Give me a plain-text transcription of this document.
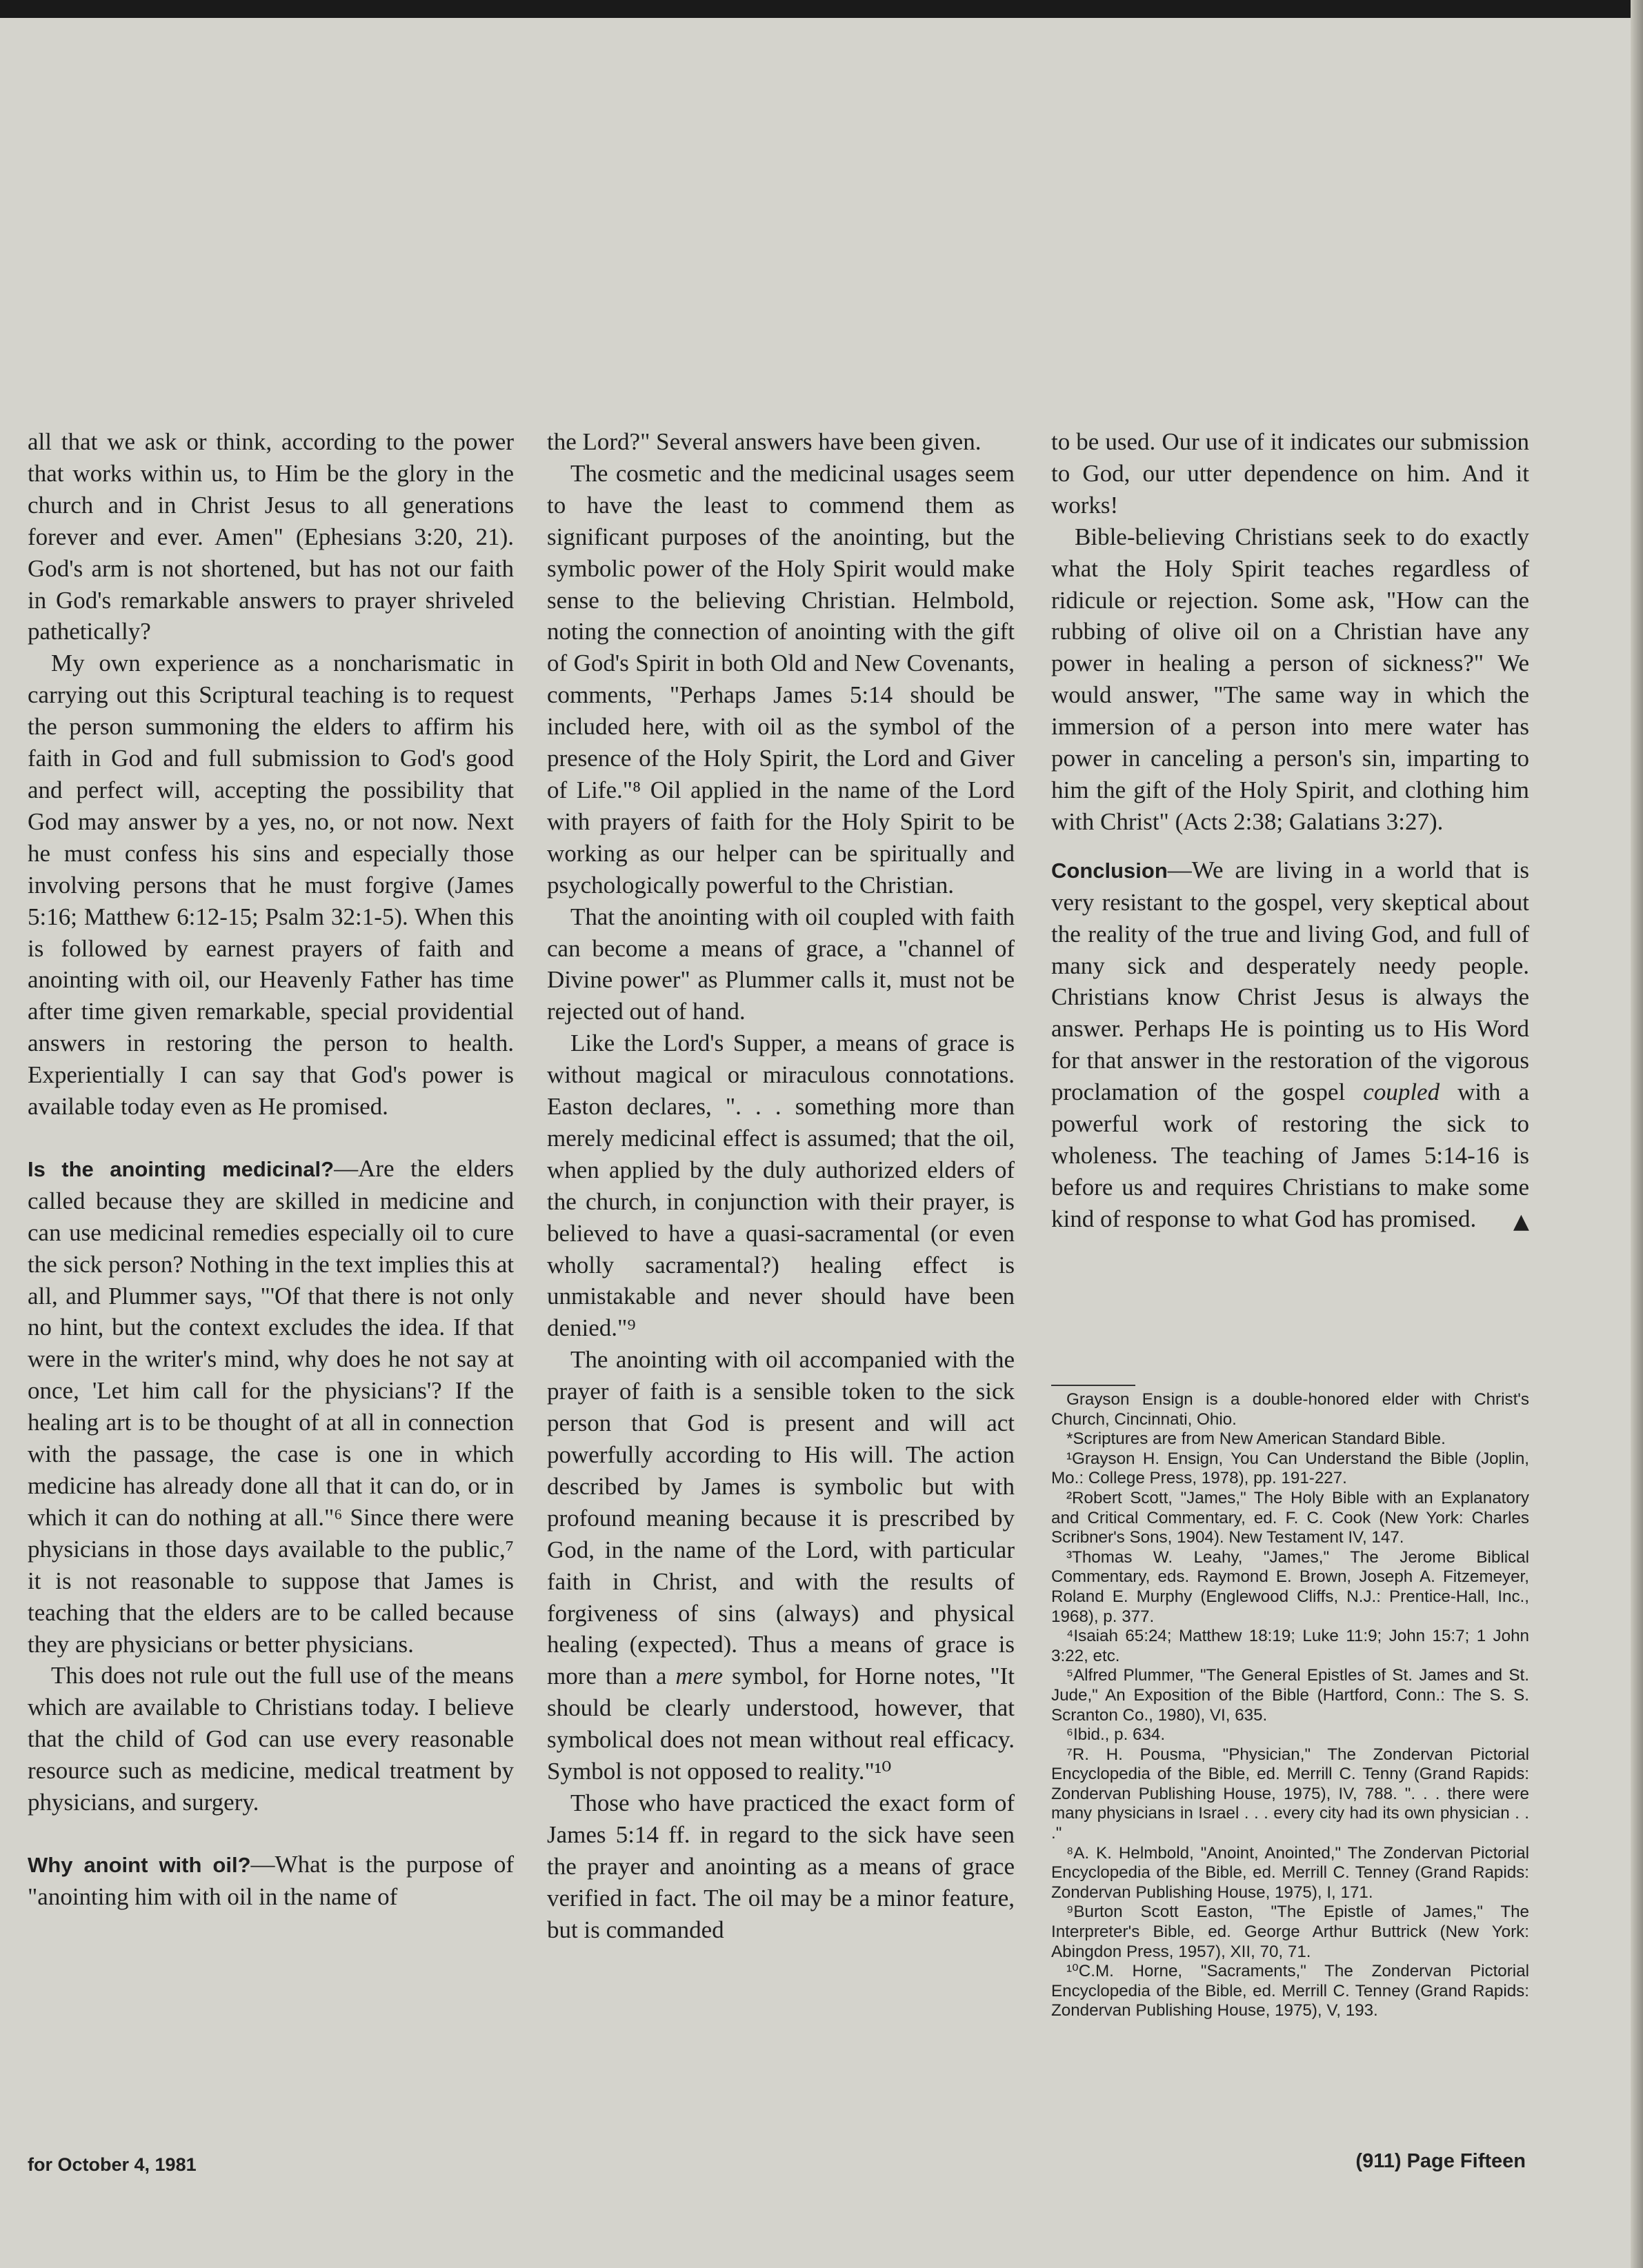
all that we ask or think, according to the power that works within us, to Him be the glory in the church and in Christ Jesus to all generations forever and ever. Amen" (Ephesians 3:20, 21). God's arm is not shortened, but has not our faith in God's remarkable answers to prayer shriveled pathetically?

My own experience as a noncharismatic in carrying out this Scriptural teaching is to request the person summoning the elders to affirm his faith in God and full submission to God's good and perfect will, accepting the possibility that God may answer by a yes, no, or not now. Next he must confess his sins and especially those involving persons that he must forgive (James 5:16; Matthew 6:12-15; Psalm 32:1-5). When this is followed by earnest prayers of faith and anointing with oil, our Heavenly Father has time after time given remarkable, special providential answers in restoring the person to health. Experientially I can say that God's power is available today even as He promised.

Is the anointing medicinal?—Are the elders called because they are skilled in medicine and can use medicinal remedies especially oil to cure the sick person? Nothing in the text implies this at all, and Plummer says, "'Of that there is not only no hint, but the context excludes the idea. If that were in the writer's mind, why does he not say at once, 'Let him call for the physicians'? If the healing art is to be thought of at all in connection with the passage, the case is one in which medicine has already done all that it can do, or in which it can do nothing at all."⁶ Since there were physicians in those days available to the public,⁷ it is not reasonable to suppose that James is teaching that the elders are to be called because they are physicians or better physicians.

This does not rule out the full use of the means which are available to Christians today. I believe that the child of God can use every reasonable resource such as medicine, medical treatment by physicians, and surgery.

Why anoint with oil?—What is the purpose of "anointing him with oil in the name of

the Lord?" Several answers have been given.

The cosmetic and the medicinal usages seem to have the least to commend them as significant purposes of the anointing, but the symbolic power of the Holy Spirit would make sense to the believing Christian. Helmbold, noting the connection of anointing with the gift of God's Spirit in both Old and New Covenants, comments, "Perhaps James 5:14 should be included here, with oil as the symbol of the presence of the Holy Spirit, the Lord and Giver of Life."⁸ Oil applied in the name of the Lord with prayers of faith for the Holy Spirit to be working as our helper can be spiritually and psychologically powerful to the Christian.

That the anointing with oil coupled with faith can become a means of grace, a "channel of Divine power" as Plummer calls it, must not be rejected out of hand.

Like the Lord's Supper, a means of grace is without magical or miraculous connotations. Easton declares, ". . . something more than merely medicinal effect is assumed; that the oil, when applied by the duly authorized elders of the church, in conjunction with their prayer, is believed to have a quasi-sacramental (or even wholly sacramental?) healing effect is unmistakable and never should have been denied."⁹

The anointing with oil accompanied with the prayer of faith is a sensible token to the sick person that God is present and will act powerfully according to His will. The action described by James is symbolic but with profound meaning because it is prescribed by God, in the name of the Lord, with particular faith in Christ, and with the results of forgiveness of sins (always) and physical healing (expected). Thus a means of grace is more than a mere symbol, for Horne notes, "It should be clearly understood, however, that symbolical does not mean without real efficacy. Symbol is not opposed to reality."¹⁰

Those who have practiced the exact form of James 5:14 ff. in regard to the sick have seen the prayer and anointing as a means of grace verified in fact. The oil may be a minor feature, but is commanded

to be used. Our use of it indicates our submission to God, our utter dependence on him. And it works!

Bible-believing Christians seek to do exactly what the Holy Spirit teaches regardless of ridicule or rejection. Some ask, "How can the rubbing of olive oil on a Christian have any power in healing a person of sickness?" We would answer, "The same way in which the immersion of a person into mere water has power in canceling a person's sin, imparting to him the gift of the Holy Spirit, and clothing him with Christ" (Acts 2:38; Galatians 3:27).

Conclusion—We are living in a world that is very resistant to the gospel, very skeptical about the reality of the true and living God, and full of many sick and desperately needy people. Christians know Christ Jesus is always the answer. Perhaps He is pointing us to His Word for that answer in the restoration of the vigorous proclamation of the gospel coupled with a powerful work of restoring the sick to wholeness. The teaching of James 5:14-16 is before us and requires Christians to make some kind of response to what God has promised. ▲

Grayson Ensign is a double-honored elder with Christ's Church, Cincinnati, Ohio.

*Scriptures are from New American Standard Bible.

¹Grayson H. Ensign, You Can Understand the Bible (Joplin, Mo.: College Press, 1978), pp. 191-227.

²Robert Scott, "James," The Holy Bible with an Explanatory and Critical Commentary, ed. F. C. Cook (New York: Charles Scribner's Sons, 1904). New Testament IV, 147.

³Thomas W. Leahy, "James," The Jerome Biblical Commentary, eds. Raymond E. Brown, Joseph A. Fitzemeyer, Roland E. Murphy (Englewood Cliffs, N.J.: Prentice-Hall, Inc., 1968), p. 377.

⁴Isaiah 65:24; Matthew 18:19; Luke 11:9; John 15:7; 1 John 3:22, etc.

⁵Alfred Plummer, "The General Epistles of St. James and St. Jude," An Exposition of the Bible (Hartford, Conn.: The S. S. Scranton Co., 1980), VI, 635.

⁶Ibid., p. 634.

⁷R. H. Pousma, "Physician," The Zondervan Pictorial Encyclopedia of the Bible, ed. Merrill C. Tenny (Grand Rapids: Zondervan Publishing House, 1975), IV, 788. ". . . there were many physicians in Israel . . . every city had its own physician . . ."

⁸A. K. Helmbold, "Anoint, Anointed," The Zondervan Pictorial Encyclopedia of the Bible, ed. Merrill C. Tenney (Grand Rapids: Zondervan Publishing House, 1975), I, 171.

⁹Burton Scott Easton, "The Epistle of James," The Interpreter's Bible, ed. George Arthur Buttrick (New York: Abingdon Press, 1957), XII, 70, 71.

¹⁰C.M. Horne, "Sacraments," The Zondervan Pictorial Encyclopedia of the Bible, ed. Merrill C. Tenney (Grand Rapids: Zondervan Publishing House, 1975), V, 193.

for October 4, 1981	(911) Page Fifteen
